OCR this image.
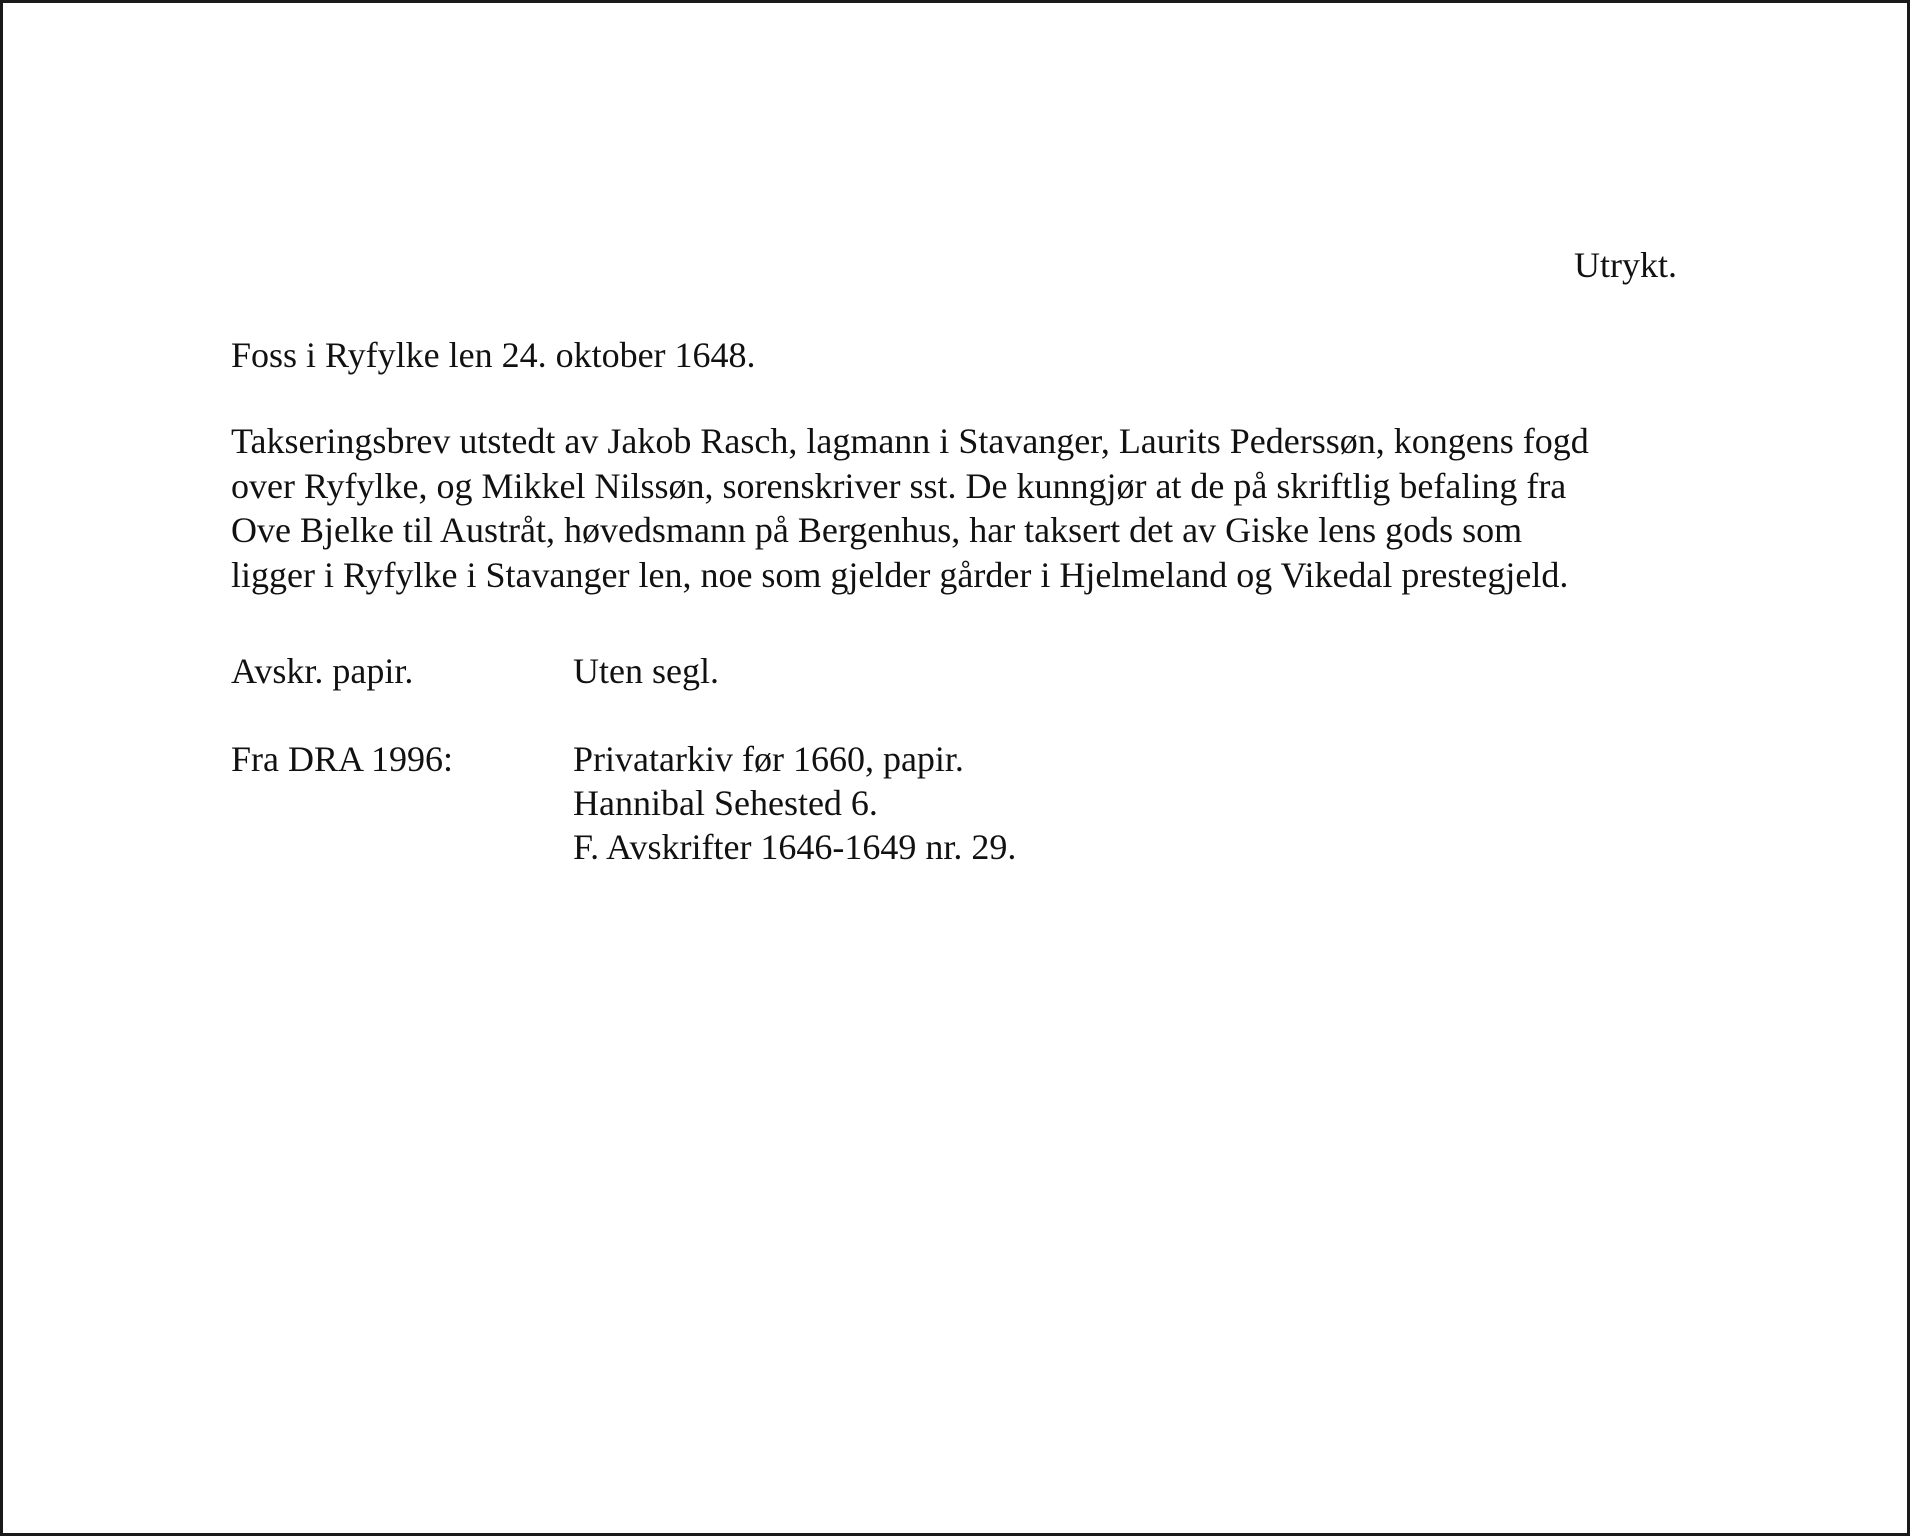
Utrykt.
Foss i Ryfylke len 24. oktober 1648.
Takseringsbrev utstedt av Jakob Rasch, lagmann i Stavanger, Laurits Pederssøn, kongens fogd
over Ryfylke, og Mikkel Nilssøn, sorenskriver sst. De kunngjør at de på skriftlig befaling fra
Ove Bjelke til Austråt, høvedsmann på Bergenhus, har taksert det av Giske lens gods som
ligger i Ryfylke i Stavanger len, noe som gjelder gårder i Hjelmeland og Vikedal prestegjeld.
Avskr. papir.	Uten segl.
Fra DRA 1996:	Privatarkiv før 1660, papir.
Hannibal Sehested 6.
F. Avskrifter 1646-1649 nr. 29.
